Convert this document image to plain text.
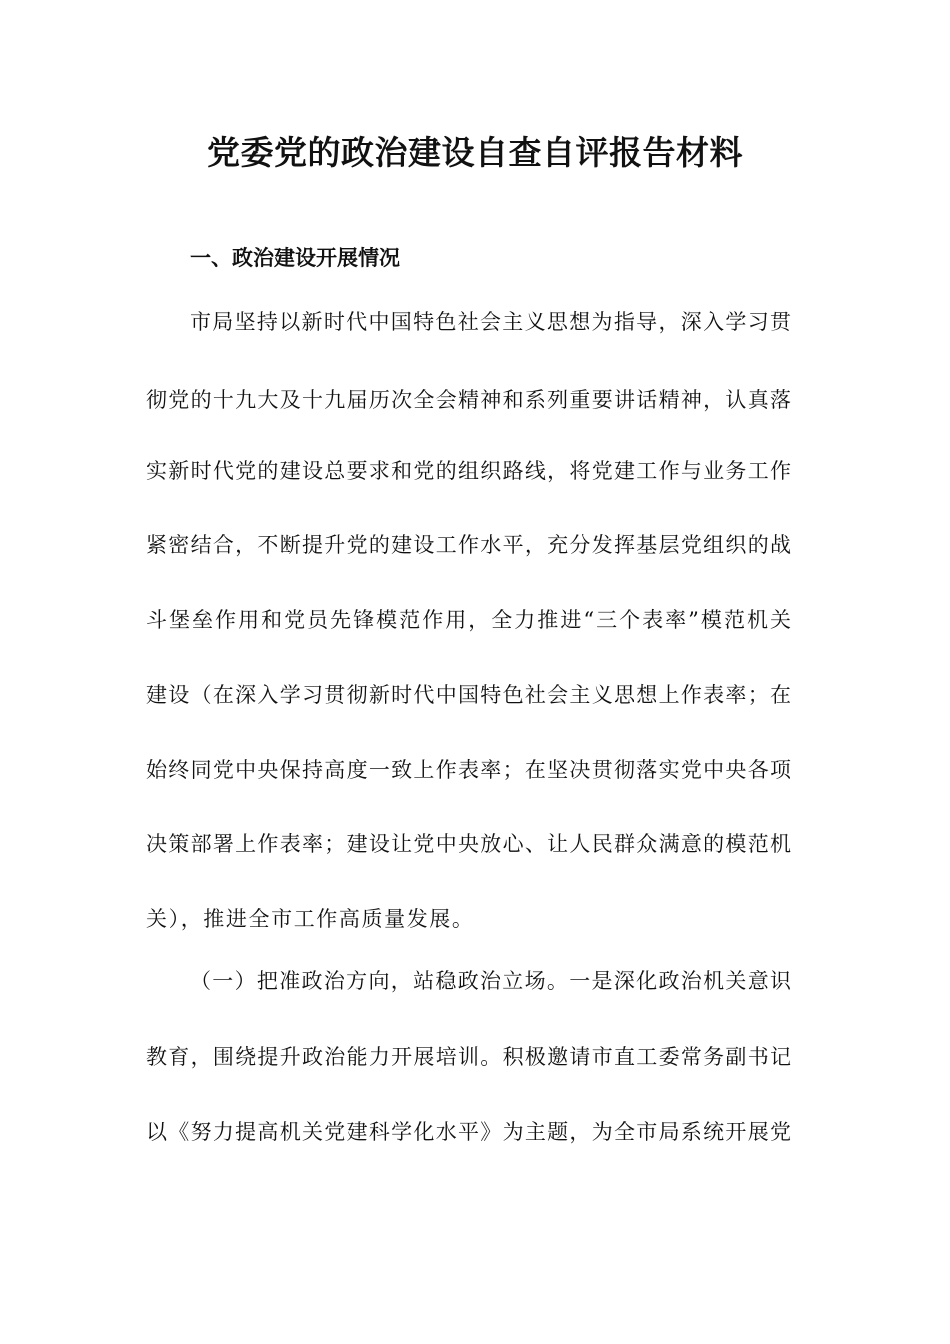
党委党的政治建设自查自评报告材料
一、政治建设开展情况

市局坚持以新时代中国特色社会主义思想为指导，深入学习贯

彻党的十九大及十九届历次全会精神和系列重要讲话精神，认真落

实新时代党的建设总要求和党的组织路线，将党建工作与业务工作

紧密结合，不断提升党的建设工作水平，充分发挥基层党组织的战

斗堡垒作用和党员先锋模范作用，全力推进“三个表率”模范机关

建设（在深入学习贯彻新时代中国特色社会主义思想上作表率；在

始终同党中央保持高度一致上作表率；在坚决贯彻落实党中央各项

决策部署上作表率；建设让党中央放心、让人民群众满意的模范机

关），推进全市工作高质量发展。

（一）把准政治方向，站稳政治立场。一是深化政治机关意识

教育，围绕提升政治能力开展培训。积极邀请市直工委常务副书记

以《努力提高机关党建科学化水平》为主题，为全市局系统开展党
